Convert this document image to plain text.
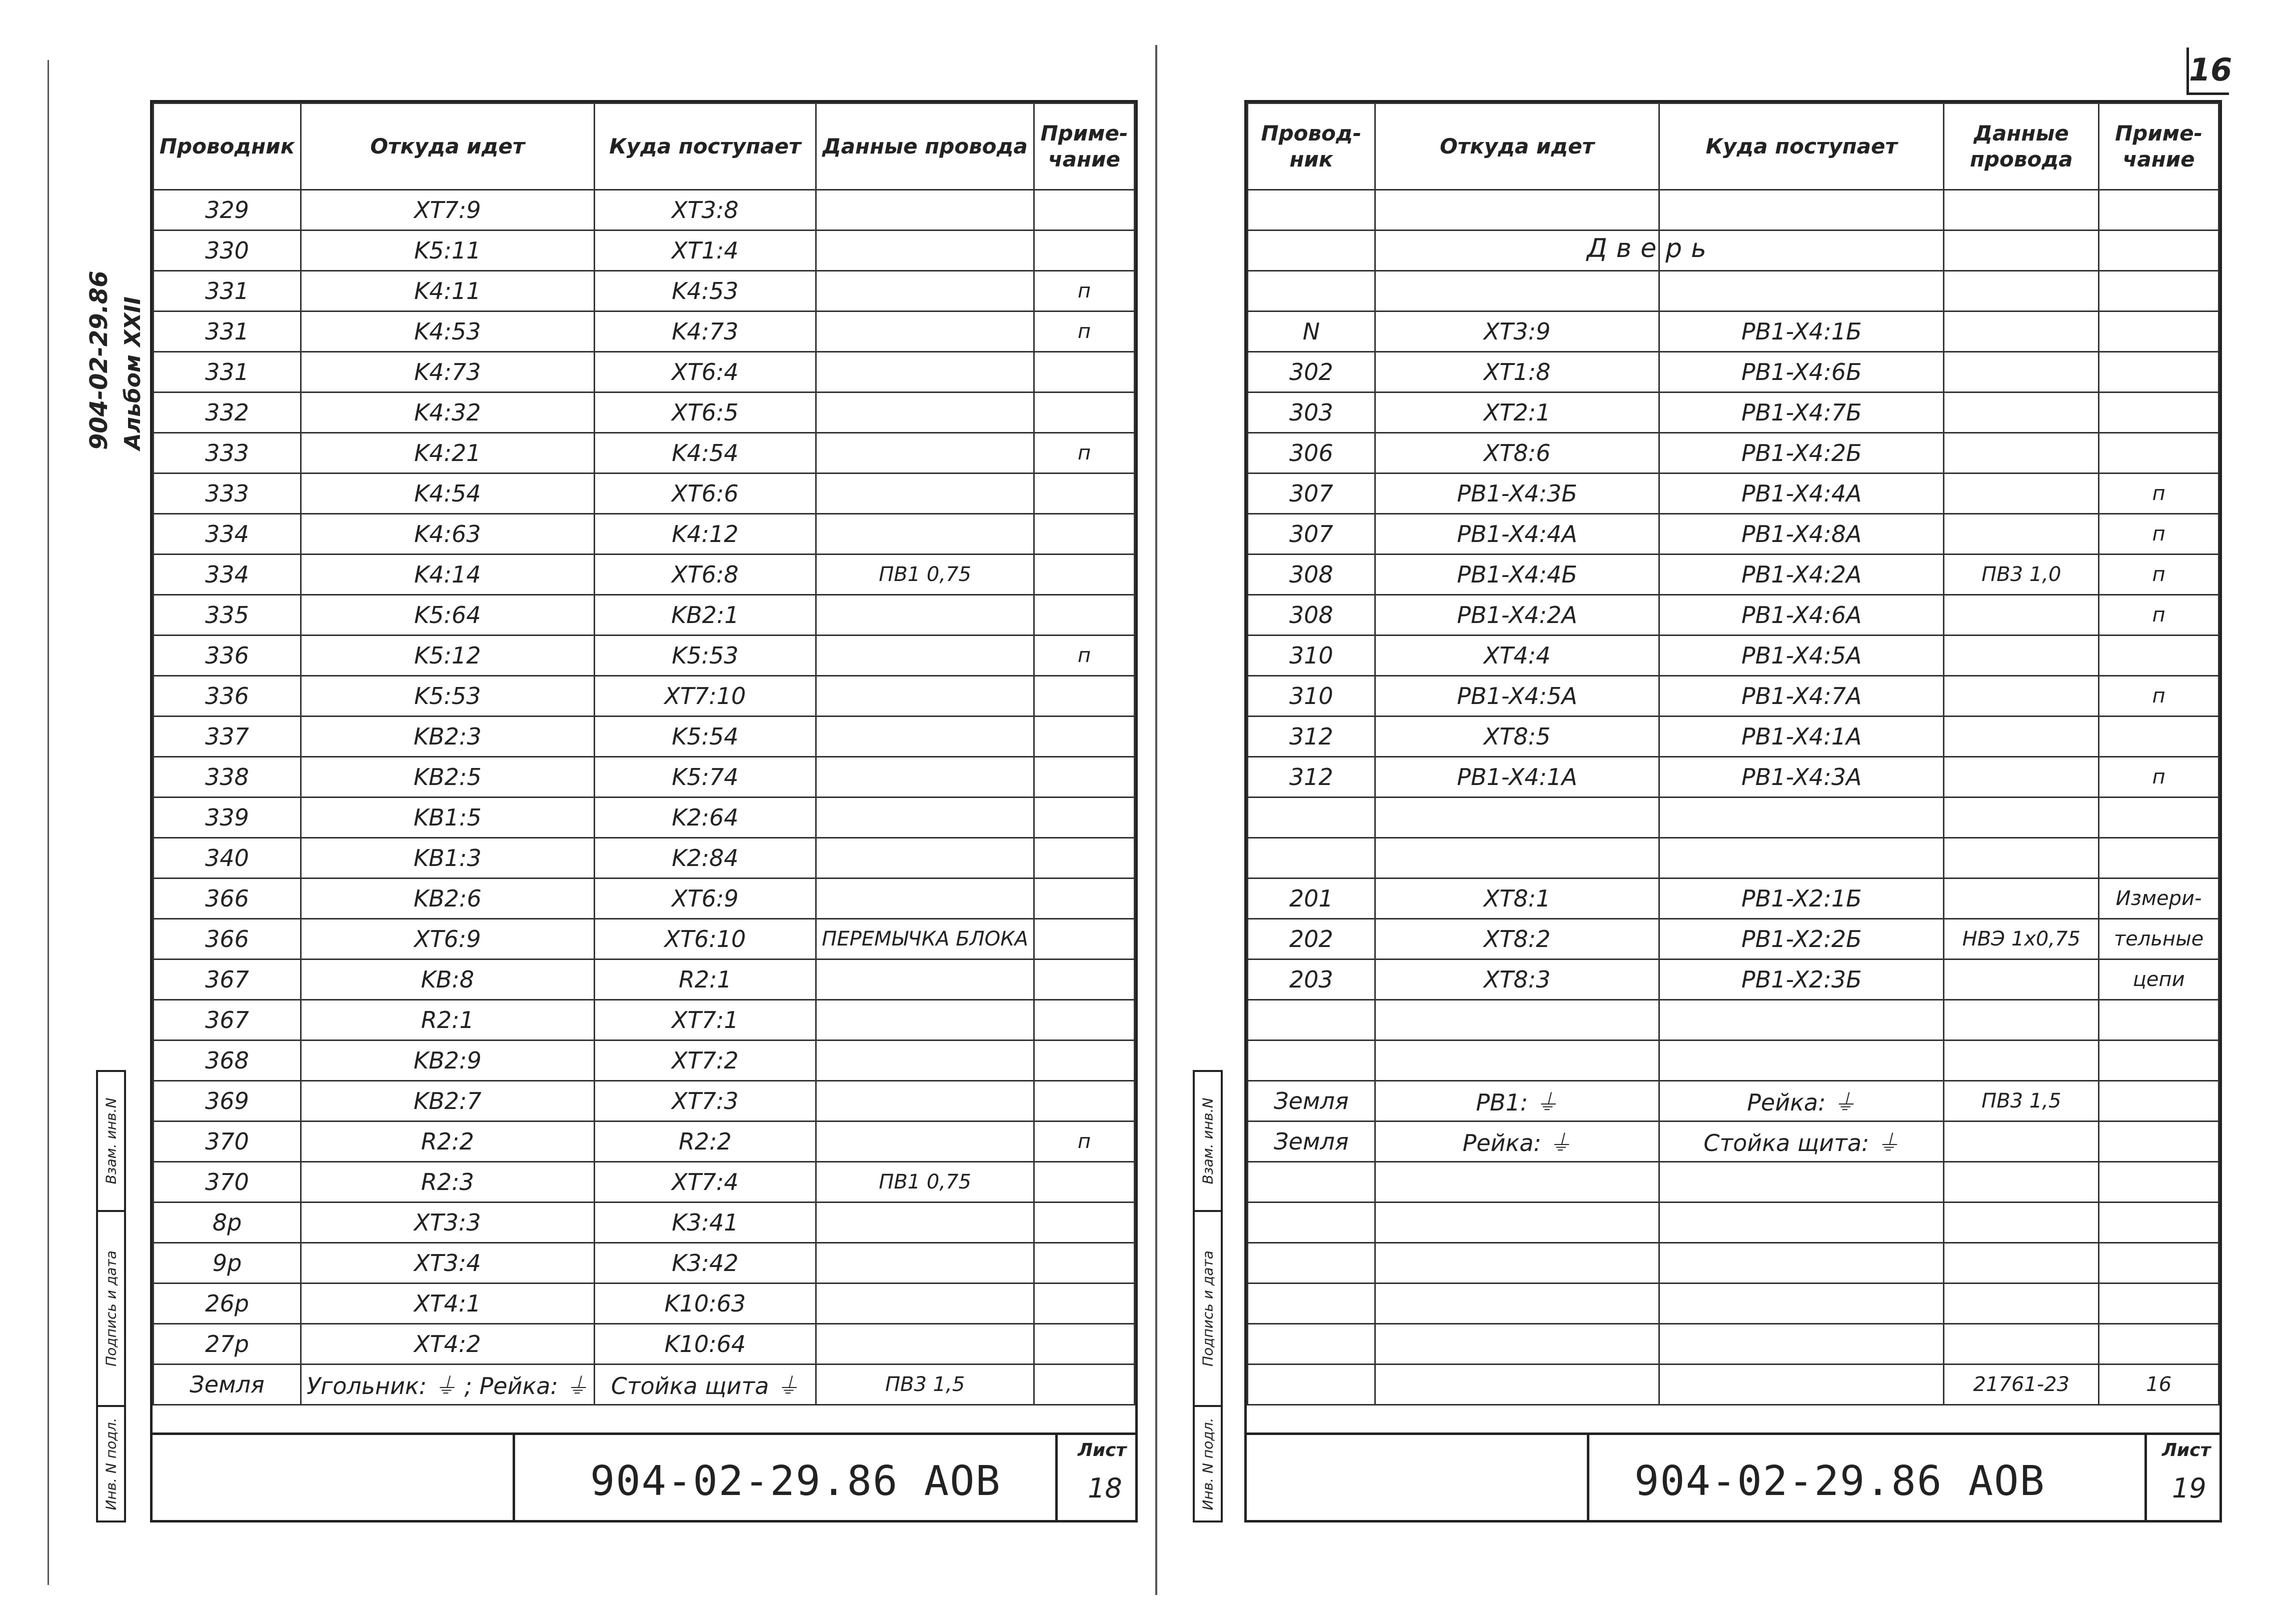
16
904-02-29.86 Альбом XXII
Взам. инв.N
Подпись и дата
Инв. N подл.
Взам. инв.N
Подпись и дата
Инв. N подл.
Проводник	Откуда идет	Куда поступает	Данные провода	Приме-чание
329	XT7:9	XT3:8		
330	K5:11	XT1:4		
331	K4:11	K4:53		п
331	K4:53	K4:73		п
331	K4:73	XT6:4		
332	K4:32	XT6:5		
333	K4:21	K4:54		п
333	K4:54	XT6:6		
334	K4:63	K4:12		
334	K4:14	XT6:8	ПВ1 0,75	
335	K5:64	KB2:1		
336	K5:12	K5:53		п
336	K5:53	XT7:10		
337	KB2:3	K5:54		
338	KB2:5	K5:74		
339	KB1:5	K2:64		
340	KB1:3	K2:84		
366	KB2:6	XT6:9		
366	XT6:9	XT6:10	ПЕРЕМЫЧКА БЛОКА	
367	KB:8	R2:1		
367	R2:1	XT7:1		
368	KB2:9	XT7:2		
369	KB2:7	XT7:3		
370	R2:2	R2:2		п
370	R2:3	XT7:4	ПВ1 0,75	
8р	XT3:3	K3:41		
9р	XT3:4	K3:42		
26р	XT4:1	K10:63		
27р	XT4:2	K10:64		
Земля	Угольник: ⏚ ; Рейка: ⏚	Стойка щита ⏚	ПВ3 1,5	
904-02-29.86 АОВ
Лист
18
Провод-ник	Откуда идет	Куда поступает	Данные провода	Приме-чание

N	XT3:9	PB1-X4:1Б		
302	XT1:8	PB1-X4:6Б		
303	XT2:1	PB1-X4:7Б		
306	XT8:6	PB1-X4:2Б		
307	PB1-X4:3Б	PB1-X4:4A		п
307	PB1-X4:4A	PB1-X4:8A		п
308	PB1-X4:4Б	PB1-X4:2A	ПВ3 1,0	п
308	PB1-X4:2A	PB1-X4:6A		п
310	XT4:4	PB1-X4:5A		
310	PB1-X4:5A	PB1-X4:7A		п
312	XT8:5	PB1-X4:1A		
312	PB1-X4:1A	PB1-X4:3A		п

201	XT8:1	PB1-X2:1Б		Измери-
202	XT8:2	PB1-X2:2Б	НВЭ 1х0,75	тельные
203	XT8:3	PB1-X2:3Б		цепи

Земля	PB1: ⏚	Рейка: ⏚	ПВ3 1,5	
Земля	Рейка: ⏚	Стойка щита: ⏚		

			21761-23	16
Дверь
904-02-29.86 АОВ
Лист
19
